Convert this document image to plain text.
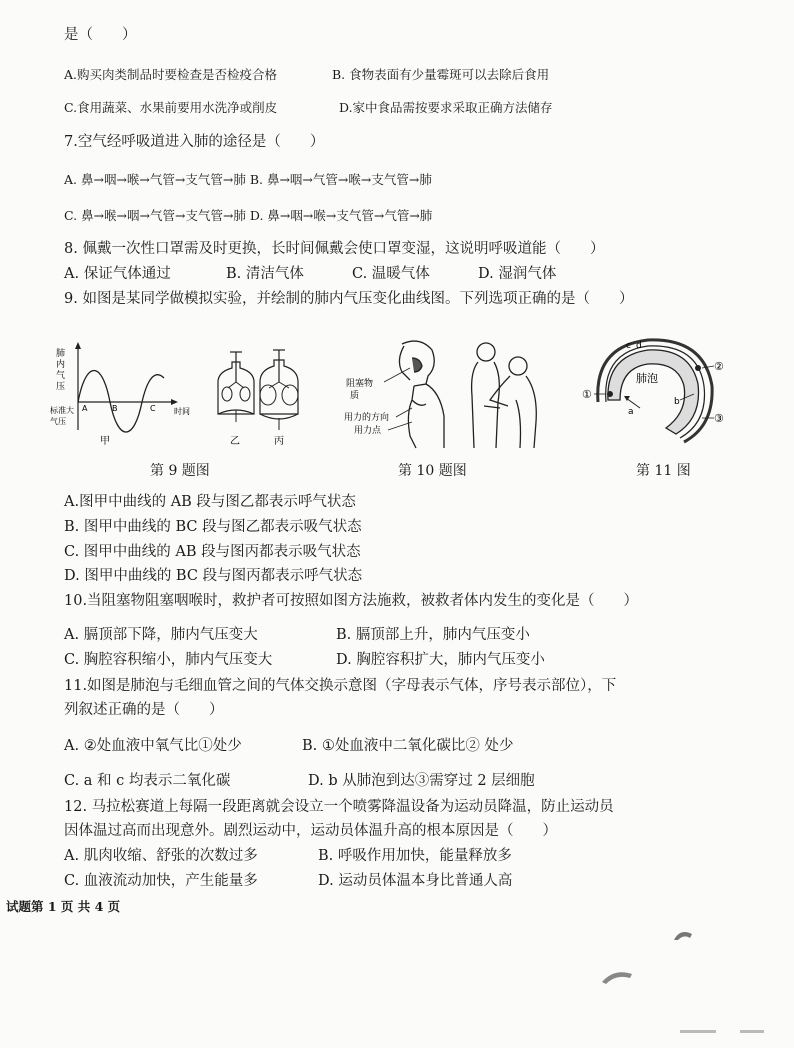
是（　　）
A.购买肉类制品时要检查是否检疫合格	B. 食物表面有少量霉斑可以去除后食用
C.食用蔬菜、水果前要用水洗净或削皮	D.家中食品需按要求采取正确方法储存
7.空气经呼吸道进入肺的途径是（　　）
A. 鼻→咽→喉→气管→支气管→肺 B. 鼻→咽→气管→喉→支气管→肺
C. 鼻→喉→咽→气管→支气管→肺 D. 鼻→咽→喉→支气管→气管→肺
8. 佩戴一次性口罩需及时更换，长时间佩戴会使口罩变湿，这说明呼吸道能（　　）
A. 保证气体通过	B. 清洁气体	C. 温暖气体	D. 湿润气体
9. 如图是某同学做模拟实验，并绘制的肺内气压变化曲线图。下列选项正确的是（　　）
肺
内
气
压
标准大
气压
A	B	C 时间
甲	乙	丙
阻塞物
质
用力的方向
用力点
肺泡
a
b
c d
①
②
③
第 9 题图	第 10 题图	第 11 图
A.图甲中曲线的 AB 段与图乙都表示呼气状态
B. 图甲中曲线的 BC 段与图乙都表示吸气状态
C. 图甲中曲线的 AB 段与图丙都表示吸气状态
D. 图甲中曲线的 BC 段与图丙都表示呼气状态
10.当阻塞物阻塞咽喉时，救护者可按照如图方法施救，被救者体内发生的变化是（　　）
A. 膈顶部下降，肺内气压变大	B. 膈顶部上升，肺内气压变小
C. 胸腔容积缩小，肺内气压变大	D. 胸腔容积扩大，肺内气压变小
11.如图是肺泡与毛细血管之间的气体交换示意图（字母表示气体，序号表示部位），下
列叙述正确的是（　　）
A. ②处血液中氧气比①处少	B. ①处血液中二氧化碳比② 处少
C. a 和 c 均表示二氧化碳	D. b 从肺泡到达③需穿过 2 层细胞
12. 马拉松赛道上每隔一段距离就会设立一个喷雾降温设备为运动员降温，防止运动员
因体温过高而出现意外。剧烈运动中，运动员体温升高的根本原因是（　　）
A. 肌肉收缩、舒张的次数过多	B. 呼吸作用加快，能量释放多
C. 血液流动加快，产生能量多	D. 运动员体温本身比普通人高
试题第 1 页 共 4 页
